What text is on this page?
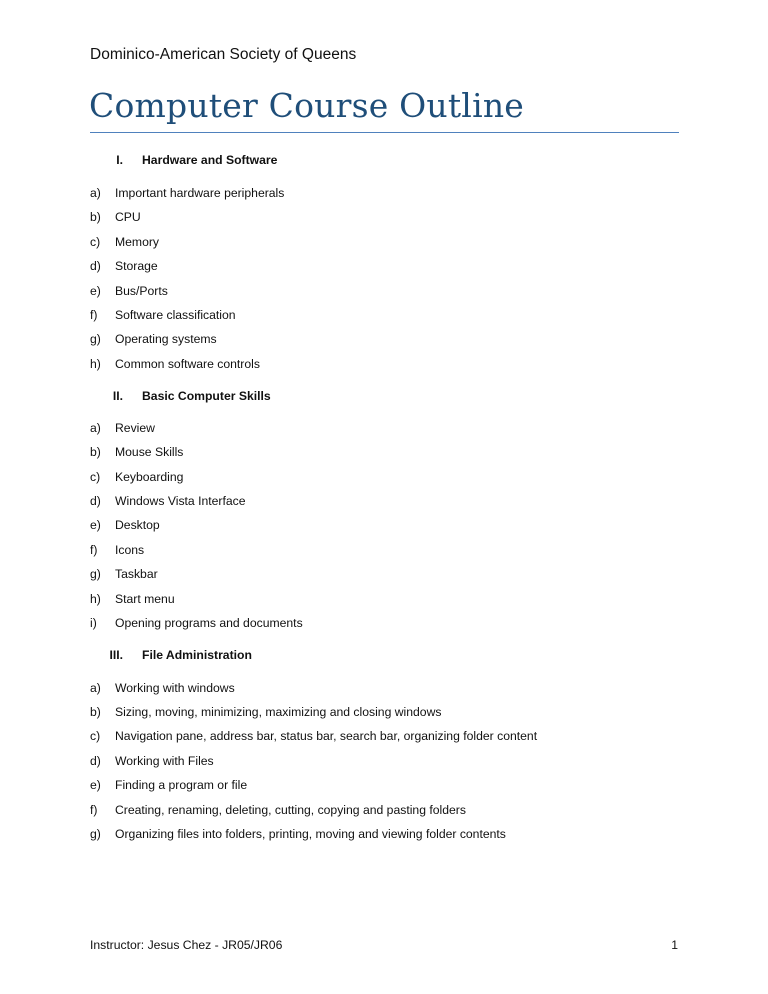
Dominico-American Society of Queens
Computer Course Outline
I. Hardware and Software
a) Important hardware peripherals
b) CPU
c) Memory
d) Storage
e) Bus/Ports
f) Software classification
g) Operating systems
h) Common software controls
II. Basic Computer Skills
a) Review
b) Mouse Skills
c) Keyboarding
d) Windows Vista Interface
e) Desktop
f) Icons
g) Taskbar
h) Start menu
i) Opening programs and documents
III. File Administration
a) Working with windows
b) Sizing, moving, minimizing, maximizing and closing windows
c) Navigation pane, address bar, status bar, search bar, organizing folder content
d) Working with Files
e) Finding a program or file
f) Creating, renaming, deleting, cutting, copying and pasting folders
g) Organizing files into folders, printing, moving and viewing folder contents
Instructor: Jesus Chez - JR05/JR06	1
